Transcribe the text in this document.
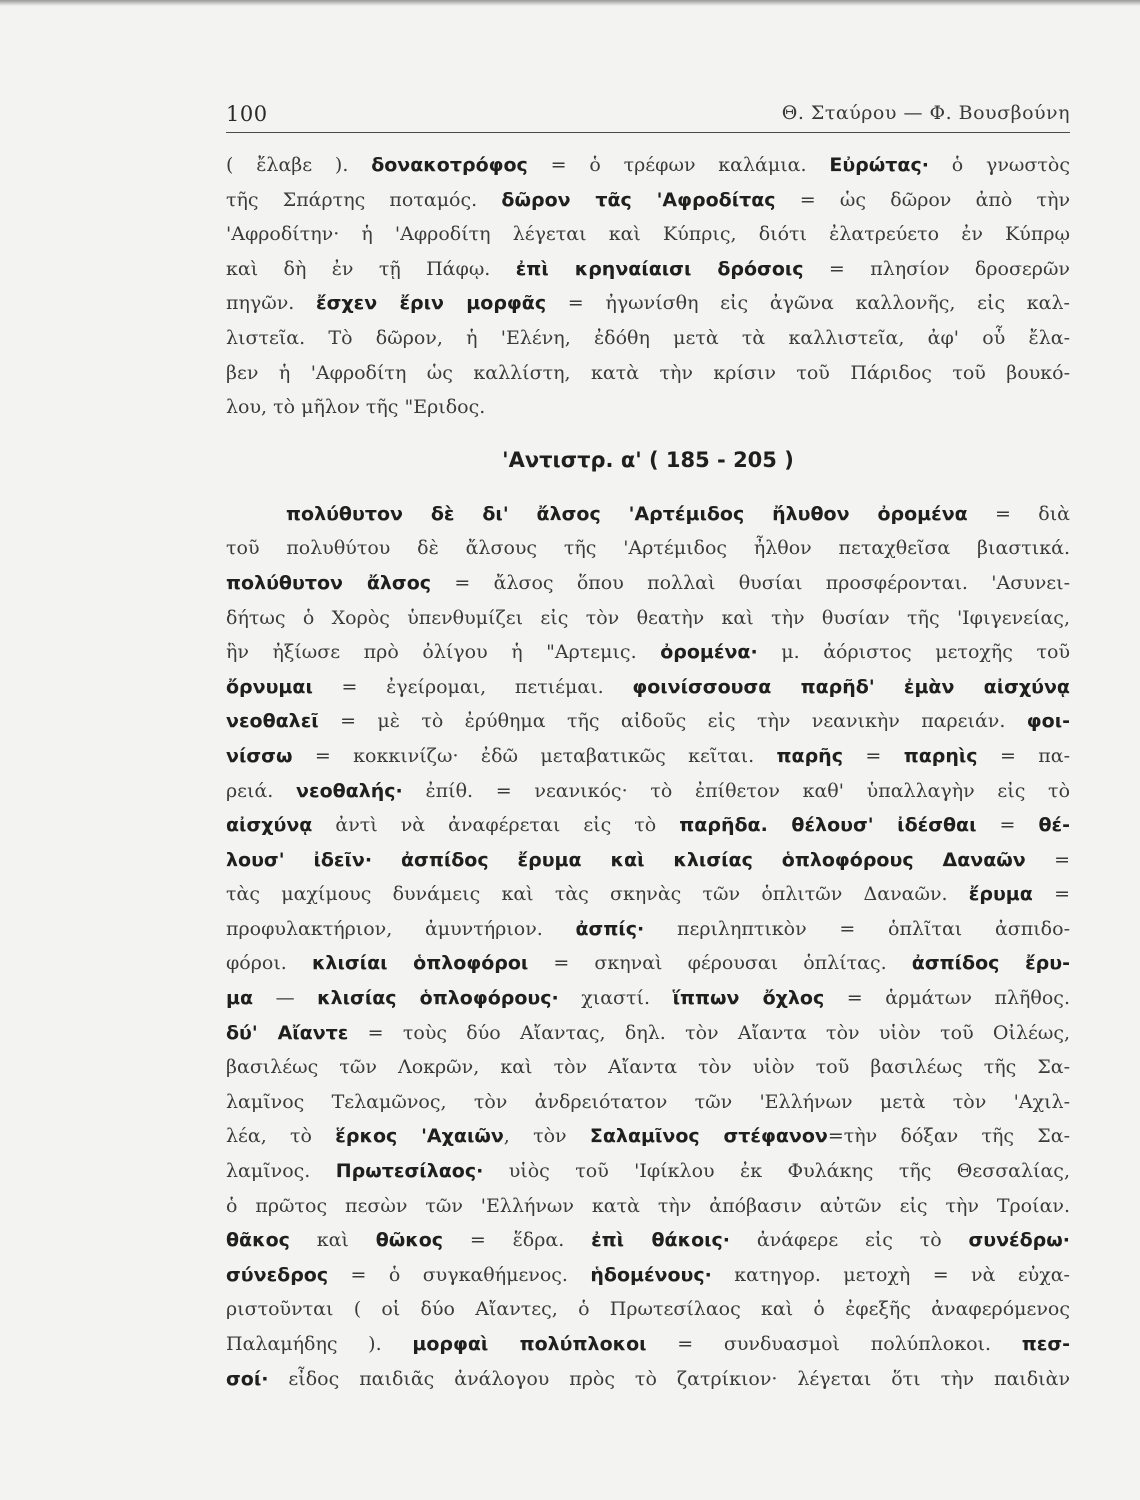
100	Θ. Σταύρου — Φ. Βουσβούνη
( ἔλαβε ). δονακοτρόφος = ὁ τρέφων καλάμια. Εὐρώτας· ὁ γνωστὸς
τῆς Σπάρτης ποταμός. δῶρον τᾶς 'Αφροδίτας = ὡς δῶρον ἀπὸ τὴν
'Αφροδίτην· ἡ 'Αφροδίτη λέγεται καὶ Κύπρις, διότι ἐλατρεύετο ἐν Κύπρῳ
καὶ δὴ ἐν τῇ Πάφῳ. ἐπὶ κρηναίαισι δρόσοις = πλησίον δροσερῶν
πηγῶν. ἔσχεν ἔριν μορφᾶς = ἠγωνίσθη εἰς ἀγῶνα καλλονῆς, εἰς καλ-
λιστεῖα. Τὸ δῶρον, ἡ 'Ελένη, ἐδόθη μετὰ τὰ καλλιστεῖα, ἀφ' οὗ ἔλα-
βεν ἡ 'Αφροδίτη ὡς καλλίστη, κατὰ τὴν κρίσιν τοῦ Πάριδος τοῦ βουκό-
λου, τὸ μῆλον τῆς "Εριδος.
'Αντιστρ. α' ( 185 - 205 )
πολύθυτον δὲ δι' ἄλσος 'Αρτέμιδος ἤλυθον ὀρομένα = διὰ
τοῦ πολυθύτου δὲ ἄλσους τῆς 'Αρτέμιδος ἦλθον πεταχθεῖσα βιαστικά.
πολύθυτον ἄλσος = ἄλσος ὅπου πολλαὶ θυσίαι προσφέρονται. 'Ασυνει-
δήτως ὁ Χορὸς ὑπενθυμίζει εἰς τὸν θεατὴν καὶ τὴν θυσίαν τῆς 'Ιφιγενείας,
ἣν ἠξίωσε πρὸ ὀλίγου ἡ "Αρτεμις. ὀρομένα· μ. ἀόριστος μετοχῆς τοῦ
ὄρνυμαι = ἐγείρομαι, πετιέμαι. φοινίσσουσα παρῆδ' ἐμὰν αἰσχύνᾳ
νεοθαλεῖ = μὲ τὸ ἐρύθημα τῆς αἰδοῦς εἰς τὴν νεανικὴν παρειάν. φοι-
νίσσω = κοκκινίζω· ἐδῶ μεταβατικῶς κεῖται. παρῆς = παρηὶς = πα-
ρειά. νεοθαλής· ἐπίθ. = νεανικός· τὸ ἐπίθετον καθ' ὑπαλλαγὴν εἰς τὸ
αἰσχύνᾳ ἀντὶ νὰ ἀναφέρεται εἰς τὸ παρῆδα. θέλουσ' ἰδέσθαι = θέ-
λουσ' ἰδεῖν· ἀσπίδος ἔρυμα καὶ κλισίας ὁπλοφόρους Δαναῶν =
τὰς μαχίμους δυνάμεις καὶ τὰς σκηνὰς τῶν ὁπλιτῶν Δαναῶν. ἔρυμα =
προφυλακτήριον, ἀμυντήριον. ἀσπίς· περιληπτικὸν = ὁπλῖται ἀσπιδο-
φόροι. κλισίαι ὁπλοφόροι = σκηναὶ φέρουσαι ὁπλίτας. ἀσπίδος ἔρυ-
μα — κλισίας ὁπλοφόρους· χιαστί. ἵππων ὄχλος = ἁρμάτων πλῆθος.
δύ' Αἴαντε = τοὺς δύο Αἴαντας, δηλ. τὸν Αἴαντα τὸν υἱὸν τοῦ Οἰλέως,
βασιλέως τῶν Λοκρῶν, καὶ τὸν Αἴαντα τὸν υἱὸν τοῦ βασιλέως τῆς Σα-
λαμῖνος Τελαμῶνος, τὸν ἀνδρειότατον τῶν 'Ελλήνων μετὰ τὸν 'Αχιλ-
λέα, τὸ ἕρκος 'Αχαιῶν, τὸν Σαλαμῖνος στέφανον=τὴν δόξαν τῆς Σα-
λαμῖνος. Πρωτεσίλαος· υἱὸς τοῦ 'Ιφίκλου ἐκ Φυλάκης τῆς Θεσσαλίας,
ὁ πρῶτος πεσὼν τῶν 'Ελλήνων κατὰ τὴν ἀπόβασιν αὐτῶν εἰς τὴν Τροίαν.
θᾶκος καὶ θῶκος = ἕδρα. ἐπὶ θάκοις· ἀνάφερε εἰς τὸ συνέδρω·
σύνεδρος = ὁ συγκαθήμενος. ἡδομένους· κατηγορ. μετοχὴ = νὰ εὐχα-
ριστοῦνται ( οἱ δύο Αἴαντες, ὁ Πρωτεσίλαος καὶ ὁ ἐφεξῆς ἀναφερόμενος
Παλαμήδης ). μορφαὶ πολύπλοκοι = συνδυασμοὶ πολύπλοκοι. πεσ-
σοί· εἶδος παιδιᾶς ἀνάλογου πρὸς τὸ ζατρίκιον· λέγεται ὅτι τὴν παιδιὰν
